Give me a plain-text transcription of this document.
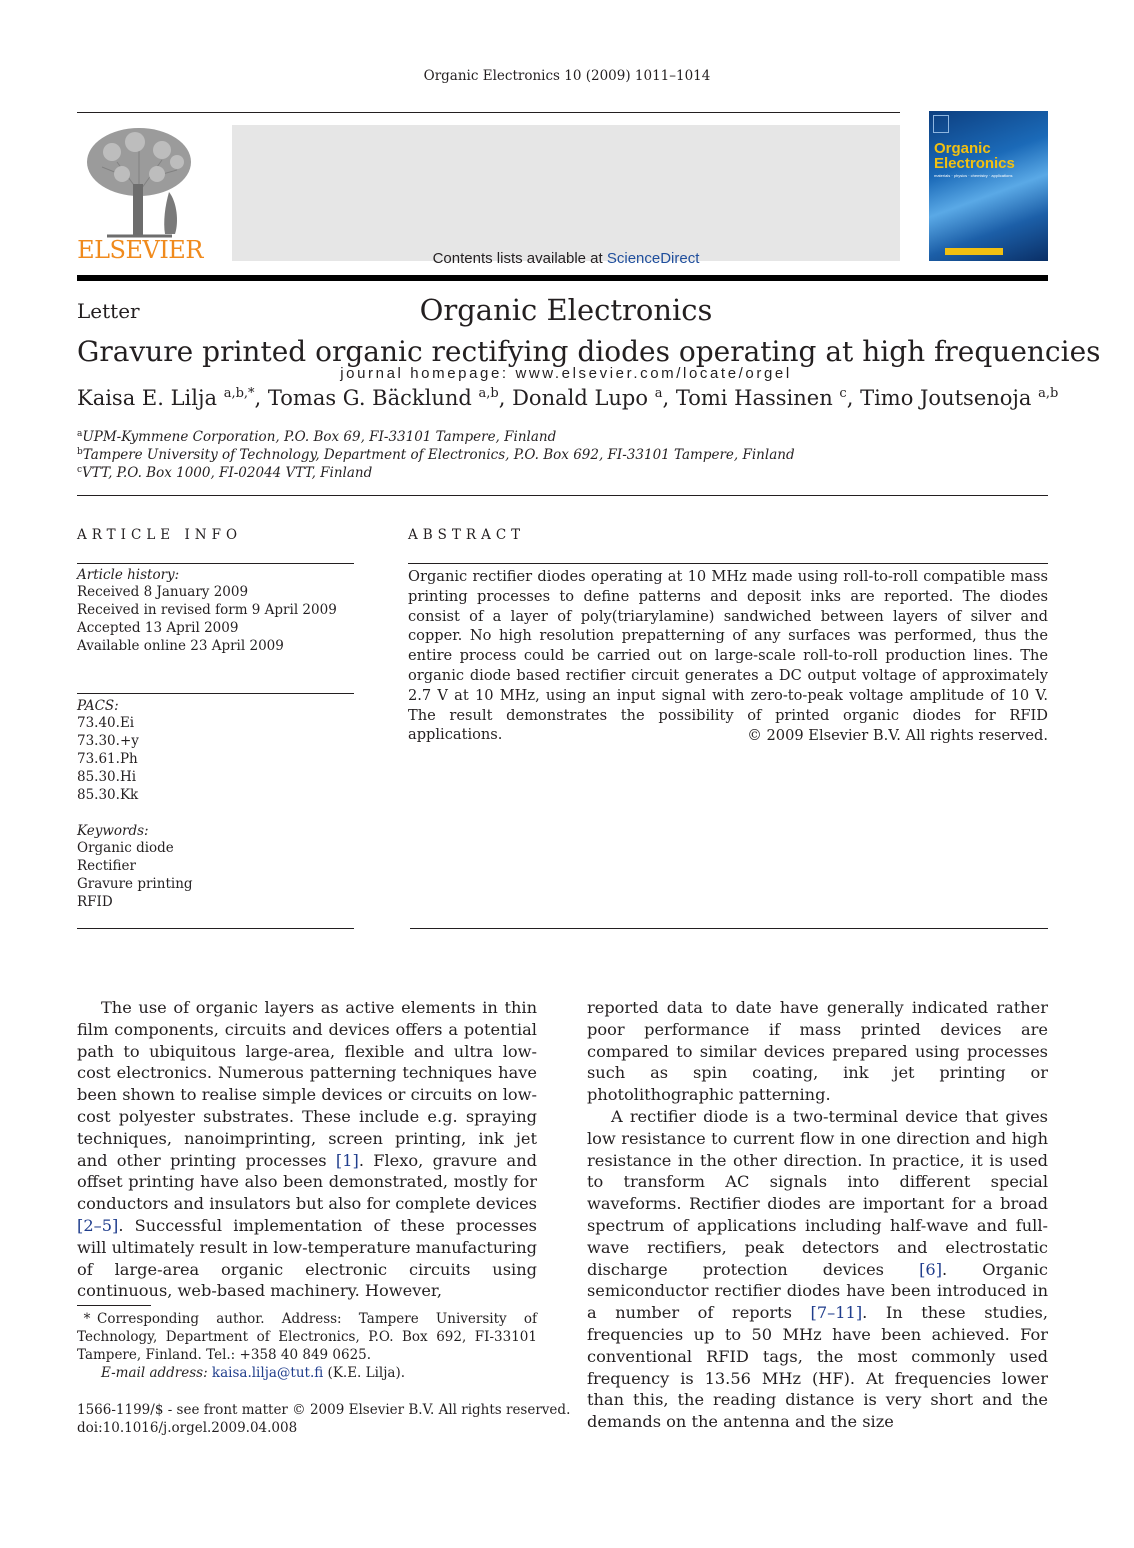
Organic Electronics 10 (2009) 1011–1014
ELSEVIER	Contents lists available at ScienceDirect
Organic Electronics
journal homepage: www.elsevier.com/locate/orgel
Organic
Electronics
materials · physics · chemistry · applications
Letter
Gravure printed organic rectifying diodes operating at high frequencies
Kaisa E. Lilja $^{a,b,*}$, Tomas G. Bäcklund $^{a,b}$, Donald Lupo $^a$, Tomi Hassinen $^c$, Timo Joutsenoja $^{a,b}$
$^a$UPM-Kymmene Corporation, P.O. Box 69, FI-33101 Tampere, Finland
$^b$Tampere University of Technology, Department of Electronics, P.O. Box 692, FI-33101 Tampere, Finland
$^c$VTT, P.O. Box 1000, FI-02044 VTT, Finland
ARTICLE INFO
Article history:
Received 8 January 2009
Received in revised form 9 April 2009
Accepted 13 April 2009
Available online 23 April 2009
PACS:
73.40.Ei
73.30.+y
73.61.Ph
85.30.Hi
85.30.Kk
Keywords:
Organic diode
Rectifier
Gravure printing
RFID
ABSTRACT
Organic rectifier diodes operating at 10 MHz made using roll-to-roll compatible mass printing processes to define patterns and deposit inks are reported. The diodes consist of a layer of poly(triarylamine) sandwiched between layers of silver and copper. No high resolution prepatterning of any surfaces was performed, thus the entire process could be carried out on large-scale roll-to-roll production lines. The organic diode based rectifier circuit generates a DC output voltage of approximately 2.7 V at 10 MHz, using an input signal with zero-to-peak voltage amplitude of 10 V. The result demonstrates the possibility of printed organic diodes for RFID applications.	© 2009 Elsevier B.V. All rights reserved.

The use of organic layers as active elements in thin film components, circuits and devices offers a potential path to ubiquitous large-area, flexible and ultra low-cost electronics. Numerous patterning techniques have been shown to realise simple devices or circuits on low-cost polyester substrates. These include e.g. spraying techniques, nanoimprinting, screen printing, ink jet and other printing processes [1]. Flexo, gravure and offset printing have also been demonstrated, mostly for conductors and insulators but also for complete devices [2–5]. Successful implementation of these processes will ultimately result in low-temperature manufacturing of large-area organic electronic circuits using continuous, web-based machinery. However,

reported data to date have generally indicated rather poor performance if mass printed devices are compared to similar devices prepared using processes such as spin coating, ink jet printing or photolithographic patterning.

A rectifier diode is a two-terminal device that gives low resistance to current flow in one direction and high resistance in the other direction. In practice, it is used to transform AC signals into different special waveforms. Rectifier diodes are important for a broad spectrum of applications including half-wave and full-wave rectifiers, peak detectors and electrostatic discharge protection devices [6]. Organic semiconductor rectifier diodes have been introduced in a number of reports [7–11]. In these studies, frequencies up to 50 MHz have been achieved. For conventional RFID tags, the most commonly used frequency is 13.56 MHz (HF). At frequencies lower than this, the reading distance is very short and the demands on the antenna and the size

* Corresponding author. Address: Tampere University of Technology, Department of Electronics, P.O. Box 692, FI-33101 Tampere, Finland. Tel.: +358 40 849 0625.
E-mail address: kaisa.lilja@tut.fi (K.E. Lilja).
1566-1199/$ - see front matter © 2009 Elsevier B.V. All rights reserved.
doi:10.1016/j.orgel.2009.04.008
